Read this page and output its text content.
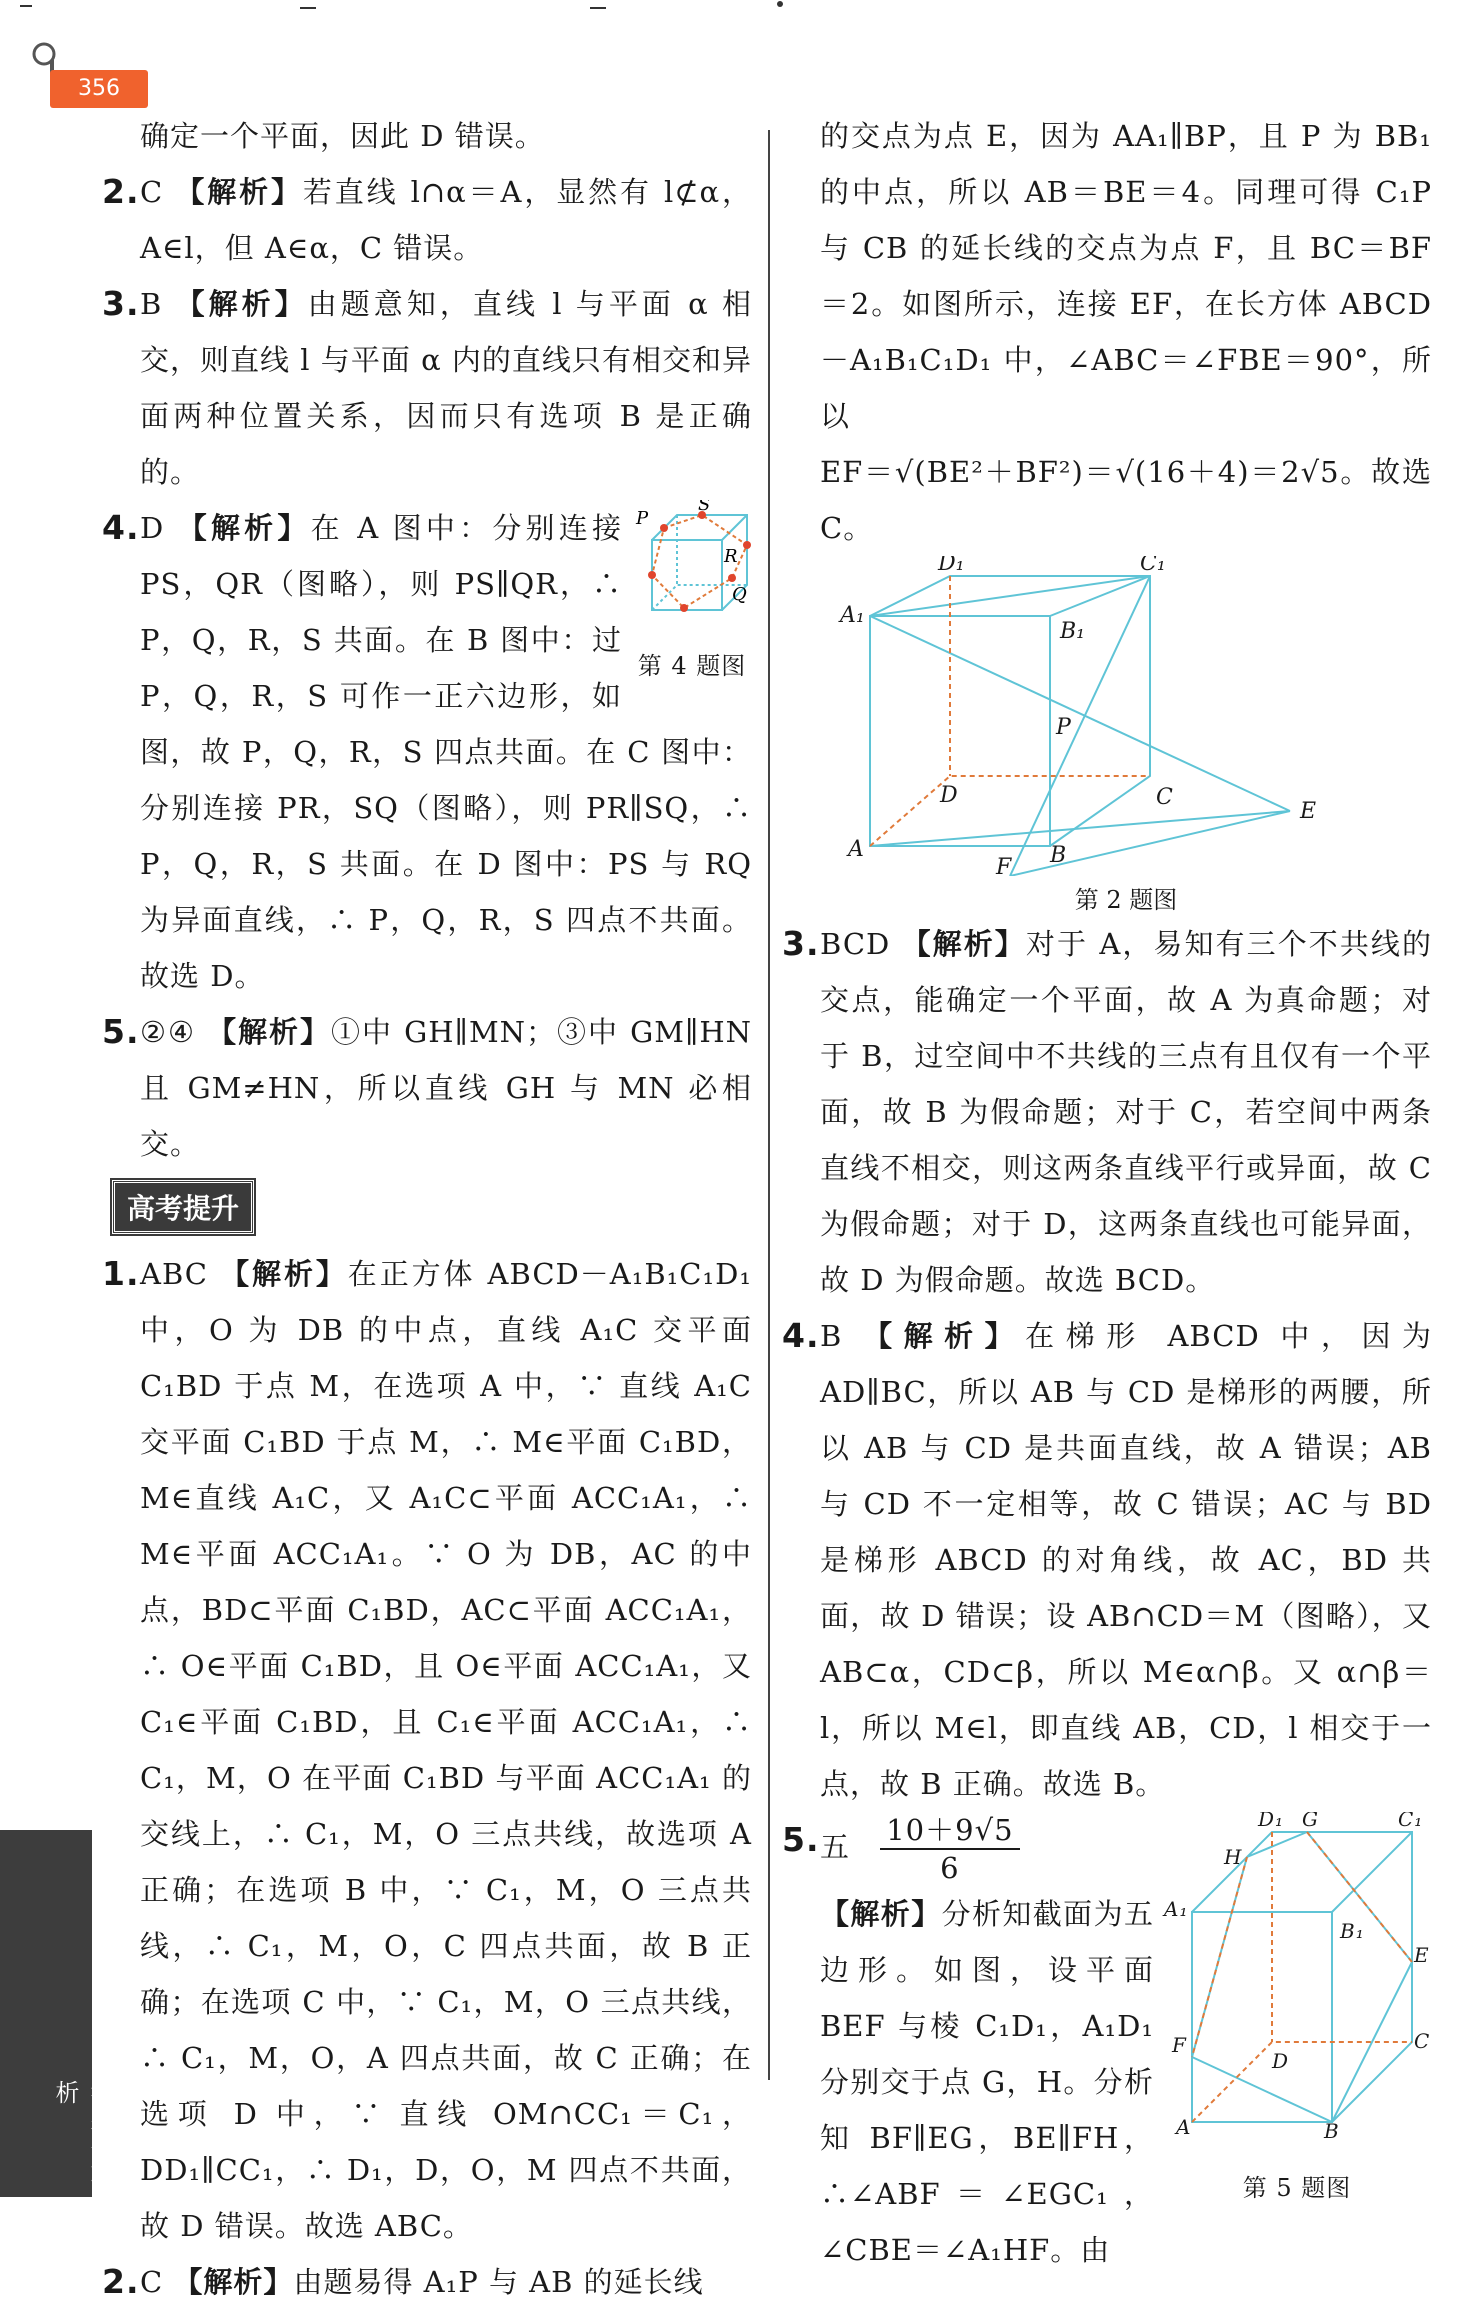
356

确定一个平面，因此 D 错误。

2. C 【解析】若直线 l∩α＝A，显然有 l⊄α，A∈l，但 A∈α，C 错误。
3. B 【解析】由题意知，直线 l 与平面 α 相交，则直线 l 与平面 α 内的直线只有相交和异面两种位置关系，因而只有选项 B 是正确的。
P
S
R
Q
第 4 题图
4. D 【解析】在 A 图中：分别连接 PS，QR（图略），则 PS∥QR，∴ P，Q，R，S 共面。在 B 图中：过 P，Q，R，S 可作一正六边形，如图，故 P，Q，R，S 四点共面。在 C 图中：分别连接 PR，SQ（图略），则 PR∥SQ，∴ P，Q，R，S 共面。在 D 图中：PS 与 RQ 为异面直线，∴ P，Q，R，S 四点不共面。故选 D。
5. ②④ 【解析】①中 GH∥MN；③中 GM∥HN 且 GM≠HN，所以直线 GH 与 MN 必相交。
高考提升
1. ABC 【解析】在正方体 ABCD－A₁B₁C₁D₁ 中，O 为 DB 的中点，直线 A₁C 交平面 C₁BD 于点 M，在选项 A 中，∵ 直线 A₁C 交平面 C₁BD 于点 M，∴ M∈平面 C₁BD，M∈直线 A₁C，又 A₁C⊂平面 ACC₁A₁，∴ M∈平面 ACC₁A₁。∵ O 为 DB，AC 的中点，BD⊂平面 C₁BD，AC⊂平面 ACC₁A₁，∴ O∈平面 C₁BD，且 O∈平面 ACC₁A₁，又 C₁∈平面 C₁BD，且 C₁∈平面 ACC₁A₁，∴ C₁，M，O 在平面 C₁BD 与平面 ACC₁A₁ 的交线上，∴ C₁，M，O 三点共线，故选项 A 正确；在选项 B 中，∵ C₁，M，O 三点共线，∴ C₁，M，O，C 四点共面，故 B 正确；在选项 C 中，∵ C₁，M，O 三点共线，∴ C₁，M，O，A 四点共面，故 C 正确；在选项 D 中，∵ 直线 OM∩CC₁＝C₁，DD₁∥CC₁，∴ D₁，D，O，M 四点不共面，故 D 错误。故选 ABC。
2. C 【解析】由题易得 A₁P 与 AB 的延长线

的交点为点 E，因为 AA₁∥BP，且 P 为 BB₁ 的中点，所以 AB＝BE＝4。同理可得 C₁P 与 CB 的延长线的交点为点 F，且 BC＝BF＝2。如图所示，连接 EF，在长方体 ABCD－A₁B₁C₁D₁ 中，∠ABC＝∠FBE＝90°，所以

EF＝√(BE²＋BF²)＝√(16＋4)＝2√5。故选 C。

D₁	C₁
A₁
B₁
P
D	C
A	B
E
F
第 2 题图
3. BCD 【解析】对于 A，易知有三个不共线的交点，能确定一个平面，故 A 为真命题；对于 B，过空间中不共线的三点有且仅有一个平面，故 B 为假命题；对于 C，若空间中两条直线不相交，则这两条直线平行或异面，故 C 为假命题；对于 D，这两条直线也可能异面，故 D 为假命题。故选 BCD。
4. B 【解析】在梯形 ABCD 中，因为 AD∥BC，所以 AB 与 CD 是梯形的两腰，所以 AB 与 CD 是共面直线，故 A 错误；AB 与 CD 不一定相等，故 C 错误；AC 与 BD 是梯形 ABCD 的对角线，故 AC，BD 共面，故 D 错误；设 AB∩CD＝M（图略），又 AB⊂α，CD⊂β，所以 M∈α∩β。又 α∩β＝l，所以 M∈l，即直线 AB，CD，l 相交于一点，故 B 正确。故选 B。
D₁ G	C₁
H
E
A₁
B₁
F
D
C
A	B
第 5 题图
5. 五 $\frac{10+9√5}{6}$

【解析】分析知截面为五边形。如图，设平面 BEF 与棱 C₁D₁，A₁D₁ 分别交于点 G，H。分析知 BF∥EG，BE∥FH，∴∠ABF＝∠EGC₁，∠CBE＝∠A₁HF。由
答案与解析
